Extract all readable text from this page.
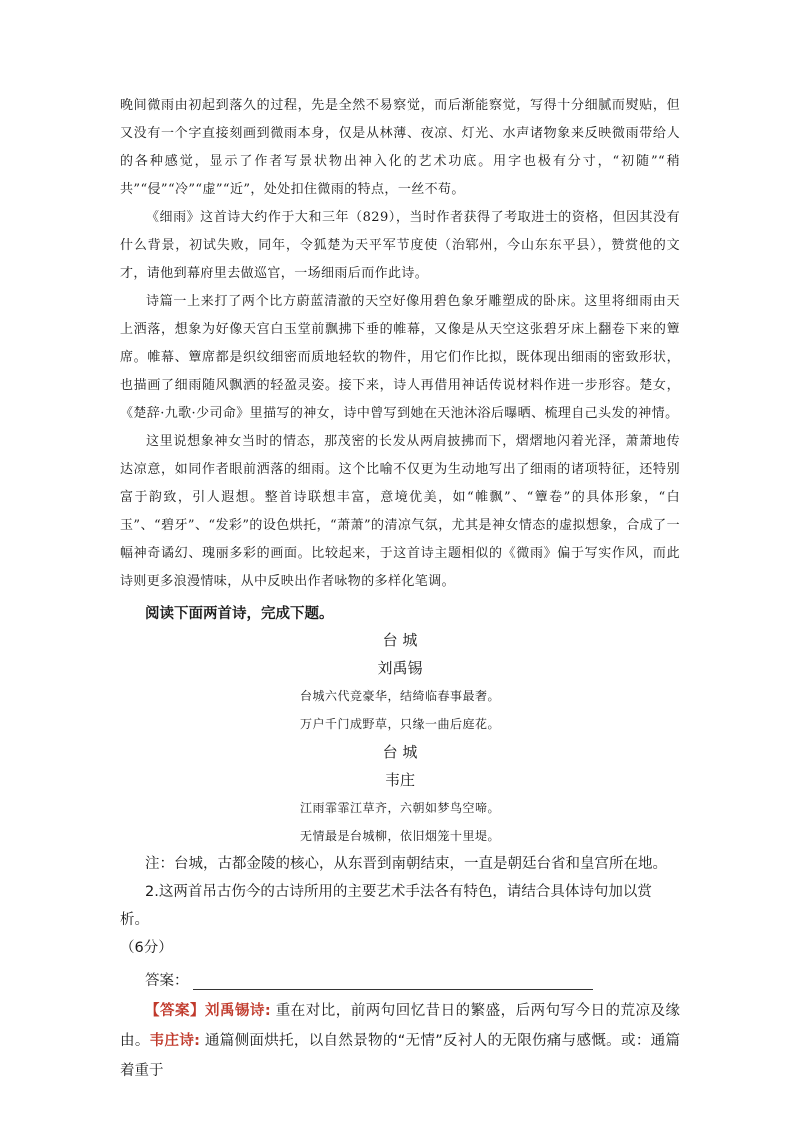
晚间微雨由初起到落久的过程，先是全然不易察觉，而后渐能察觉，写得十分细腻而熨贴，但又没有一个字直接刻画到微雨本身，仅是从林薄、夜凉、灯光、水声诸物象来反映微雨带给人的各种感觉，显示了作者写景状物出神入化的艺术功底。用字也极有分寸，“初随”“稍共”“侵”“冷”“虚”“近”，处处扣住微雨的特点，一丝不苟。

《细雨》这首诗大约作于大和三年（829），当时作者获得了考取进士的资格，但因其没有什么背景，初试失败，同年，令狐楚为天平军节度使（治郓州，今山东东平县），赞赏他的文才，请他到幕府里去做巡官，一场细雨后而作此诗。

诗篇一上来打了两个比方蔚蓝清澈的天空好像用碧色象牙雕塑成的卧床。这里将细雨由天上洒落，想象为好像天宫白玉堂前飘拂下垂的帷幕，又像是从天空这张碧牙床上翻卷下来的簟席。帷幕、簟席都是织纹细密而质地轻软的物件，用它们作比拟，既体现出细雨的密致形状，也描画了细雨随风飘洒的轻盈灵姿。接下来，诗人再借用神话传说材料作进一步形容。楚女，《楚辞·九歌·少司命》里描写的神女，诗中曾写到她在天池沐浴后曝晒、梳理自己头发的神情。

这里说想象神女当时的情态，那茂密的长发从两肩披拂而下，熠熠地闪着光泽，萧萧地传达凉意，如同作者眼前洒落的细雨。这个比喻不仅更为生动地写出了细雨的诸项特征，还特别富于韵致，引人遐想。整首诗联想丰富，意境优美，如“帷飘”、“簟卷”的具体形象，“白玉”、“碧牙”、“发彩”的设色烘托，“萧萧”的清凉气氛，尤其是神女情态的虚拟想象，合成了一幅神奇谲幻、瑰丽多彩的画面。比较起来，于这首诗主题相似的《微雨》偏于写实作风，而此诗则更多浪漫情味，从中反映出作者咏物的多样化笔调。

阅读下面两首诗，完成下题。

台 城

刘禹锡

台城六代竞豪华，结绮临春事最奢。

万户千门成野草，只缘一曲后庭花。

台 城

韦庄

江雨霏霏江草齐，六朝如梦鸟空啼。

无情最是台城柳，依旧烟笼十里堤。

注：台城，古都金陵的核心，从东晋到南朝结束，一直是朝廷台省和皇宫所在地。

2.这两首吊古伤今的古诗所用的主要艺术手法各有特色，请结合具体诗句加以赏析。

（6分）

答案：

【答案】刘禹锡诗: 重在对比，前两句回忆昔日的繁盛，后两句写今日的荒凉及缘由。韦庄诗: 通篇侧面烘托，以自然景物的“无情”反衬人的无限伤痛与感慨。或：通篇着重于
